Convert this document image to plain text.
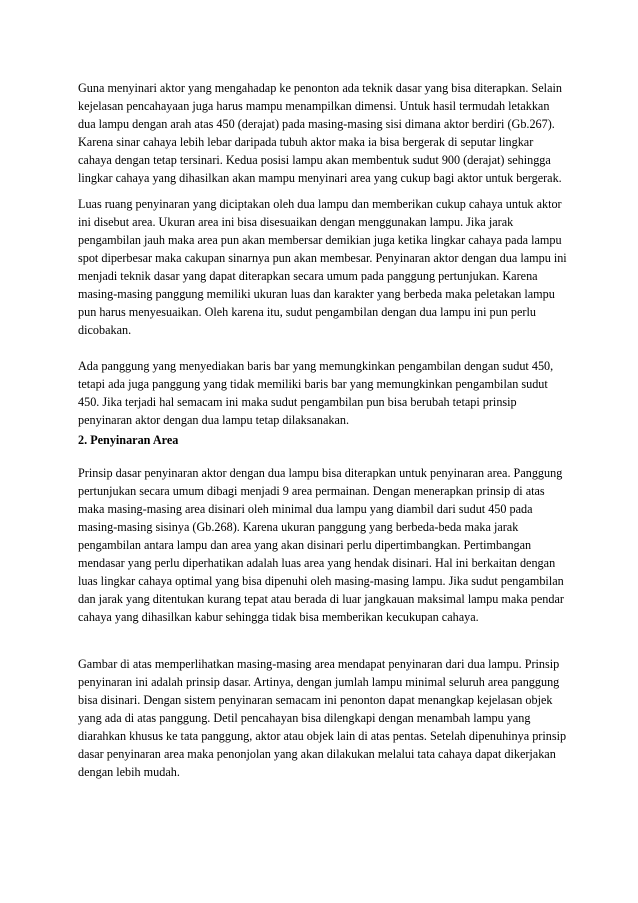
Guna menyinari aktor yang mengahadap ke penonton ada teknik dasar yang bisa diterapkan. Selain kejelasan pencahayaan juga harus mampu menampilkan dimensi. Untuk hasil termudah letakkan dua lampu dengan arah atas 450 (derajat) pada masing-masing sisi dimana aktor berdiri (Gb.267). Karena sinar cahaya lebih lebar daripada tubuh aktor maka ia bisa bergerak di seputar lingkar cahaya dengan tetap tersinari. Kedua posisi lampu akan membentuk sudut 900 (derajat) sehingga lingkar cahaya yang dihasilkan akan mampu menyinari area yang cukup bagi aktor untuk bergerak.

Luas ruang penyinaran yang diciptakan oleh dua lampu dan memberikan cukup cahaya untuk aktor ini disebut area. Ukuran area ini bisa disesuaikan dengan menggunakan lampu. Jika jarak pengambilan jauh maka area pun akan membersar demikian juga ketika lingkar cahaya pada lampu spot diperbesar maka cakupan sinarnya pun akan membesar. Penyinaran aktor dengan dua lampu ini menjadi teknik dasar yang dapat diterapkan secara umum pada panggung pertunjukan. Karena masing-masing panggung memiliki ukuran luas dan karakter yang berbeda maka peletakan lampu pun harus menyesuaikan. Oleh karena itu, sudut pengambilan dengan dua lampu ini pun perlu dicobakan.

Ada panggung yang menyediakan baris bar yang memungkinkan pengambilan dengan sudut 450, tetapi ada juga panggung yang tidak memiliki baris bar yang memungkinkan pengambilan sudut 450. Jika terjadi hal semacam ini maka sudut pengambilan pun bisa berubah tetapi prinsip penyinaran aktor dengan dua lampu tetap dilaksanakan.

2. Penyinaran Area

Prinsip dasar penyinaran aktor dengan dua lampu bisa diterapkan untuk penyinaran area. Panggung pertunjukan secara umum dibagi menjadi 9 area permainan. Dengan menerapkan prinsip di atas maka masing-masing area disinari oleh minimal dua lampu yang diambil dari sudut 450 pada masing-masing sisinya (Gb.268). Karena ukuran panggung yang berbeda-beda maka jarak pengambilan antara lampu dan area yang akan disinari perlu dipertimbangkan. Pertimbangan mendasar yang perlu diperhatikan adalah luas area yang hendak disinari. Hal ini berkaitan dengan luas lingkar cahaya optimal yang bisa dipenuhi oleh masing-masing lampu. Jika sudut pengambilan dan jarak yang ditentukan kurang tepat atau berada di luar jangkauan maksimal lampu maka pendar cahaya yang dihasilkan kabur sehingga tidak bisa memberikan kecukupan cahaya.

Gambar di atas memperlihatkan masing-masing area mendapat penyinaran dari dua lampu. Prinsip penyinaran ini adalah prinsip dasar. Artinya, dengan jumlah lampu minimal seluruh area panggung bisa disinari. Dengan sistem penyinaran semacam ini penonton dapat menangkap kejelasan objek yang ada di atas panggung. Detil pencahayan bisa dilengkapi dengan menambah lampu yang diarahkan khusus ke tata panggung, aktor atau objek lain di atas pentas. Setelah dipenuhinya prinsip dasar penyinaran area maka penonjolan yang akan dilakukan melalui tata cahaya dapat dikerjakan dengan lebih mudah.
